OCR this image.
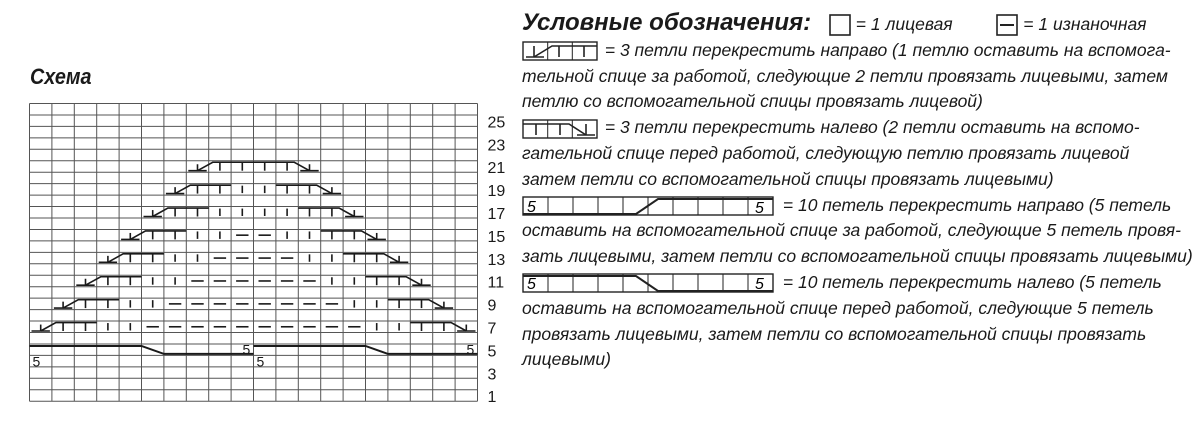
Схема
5
5
5
5
25
23
21
19
17
15
13
11
9
7
5
3
1
Условные обозначения:	= 1 лицевая	= 1 изнаночная
= 3 петли перекрестить направо (1 петлю оставить на вспомога-
тельной спице за работой, следующие 2 петли провязать лицевыми, затем
петлю со вспомогательной спицы провязать лицевой)
= 3 петли перекрестить налево (2 петли оставить на вспомо-
гательной спице перед работой, следующую петлю провязать лицевой
затем петли со вспомогательной спицы провязать лицевыми)
5	5 = 10 петель перекрестить направо (5 петель
оставить на вспомогательной спице за работой, следующие 5 петель провя-
зать лицевыми, затем петли со вспомогательной спицы провязать лицевыми)
5	5 = 10 петель перекрестить налево (5 петель
оставить на вспомогательной спице перед работой, следующие 5 петель
провязать лицевыми, затем петли со вспомогательной спицы провязать
лицевыми)
